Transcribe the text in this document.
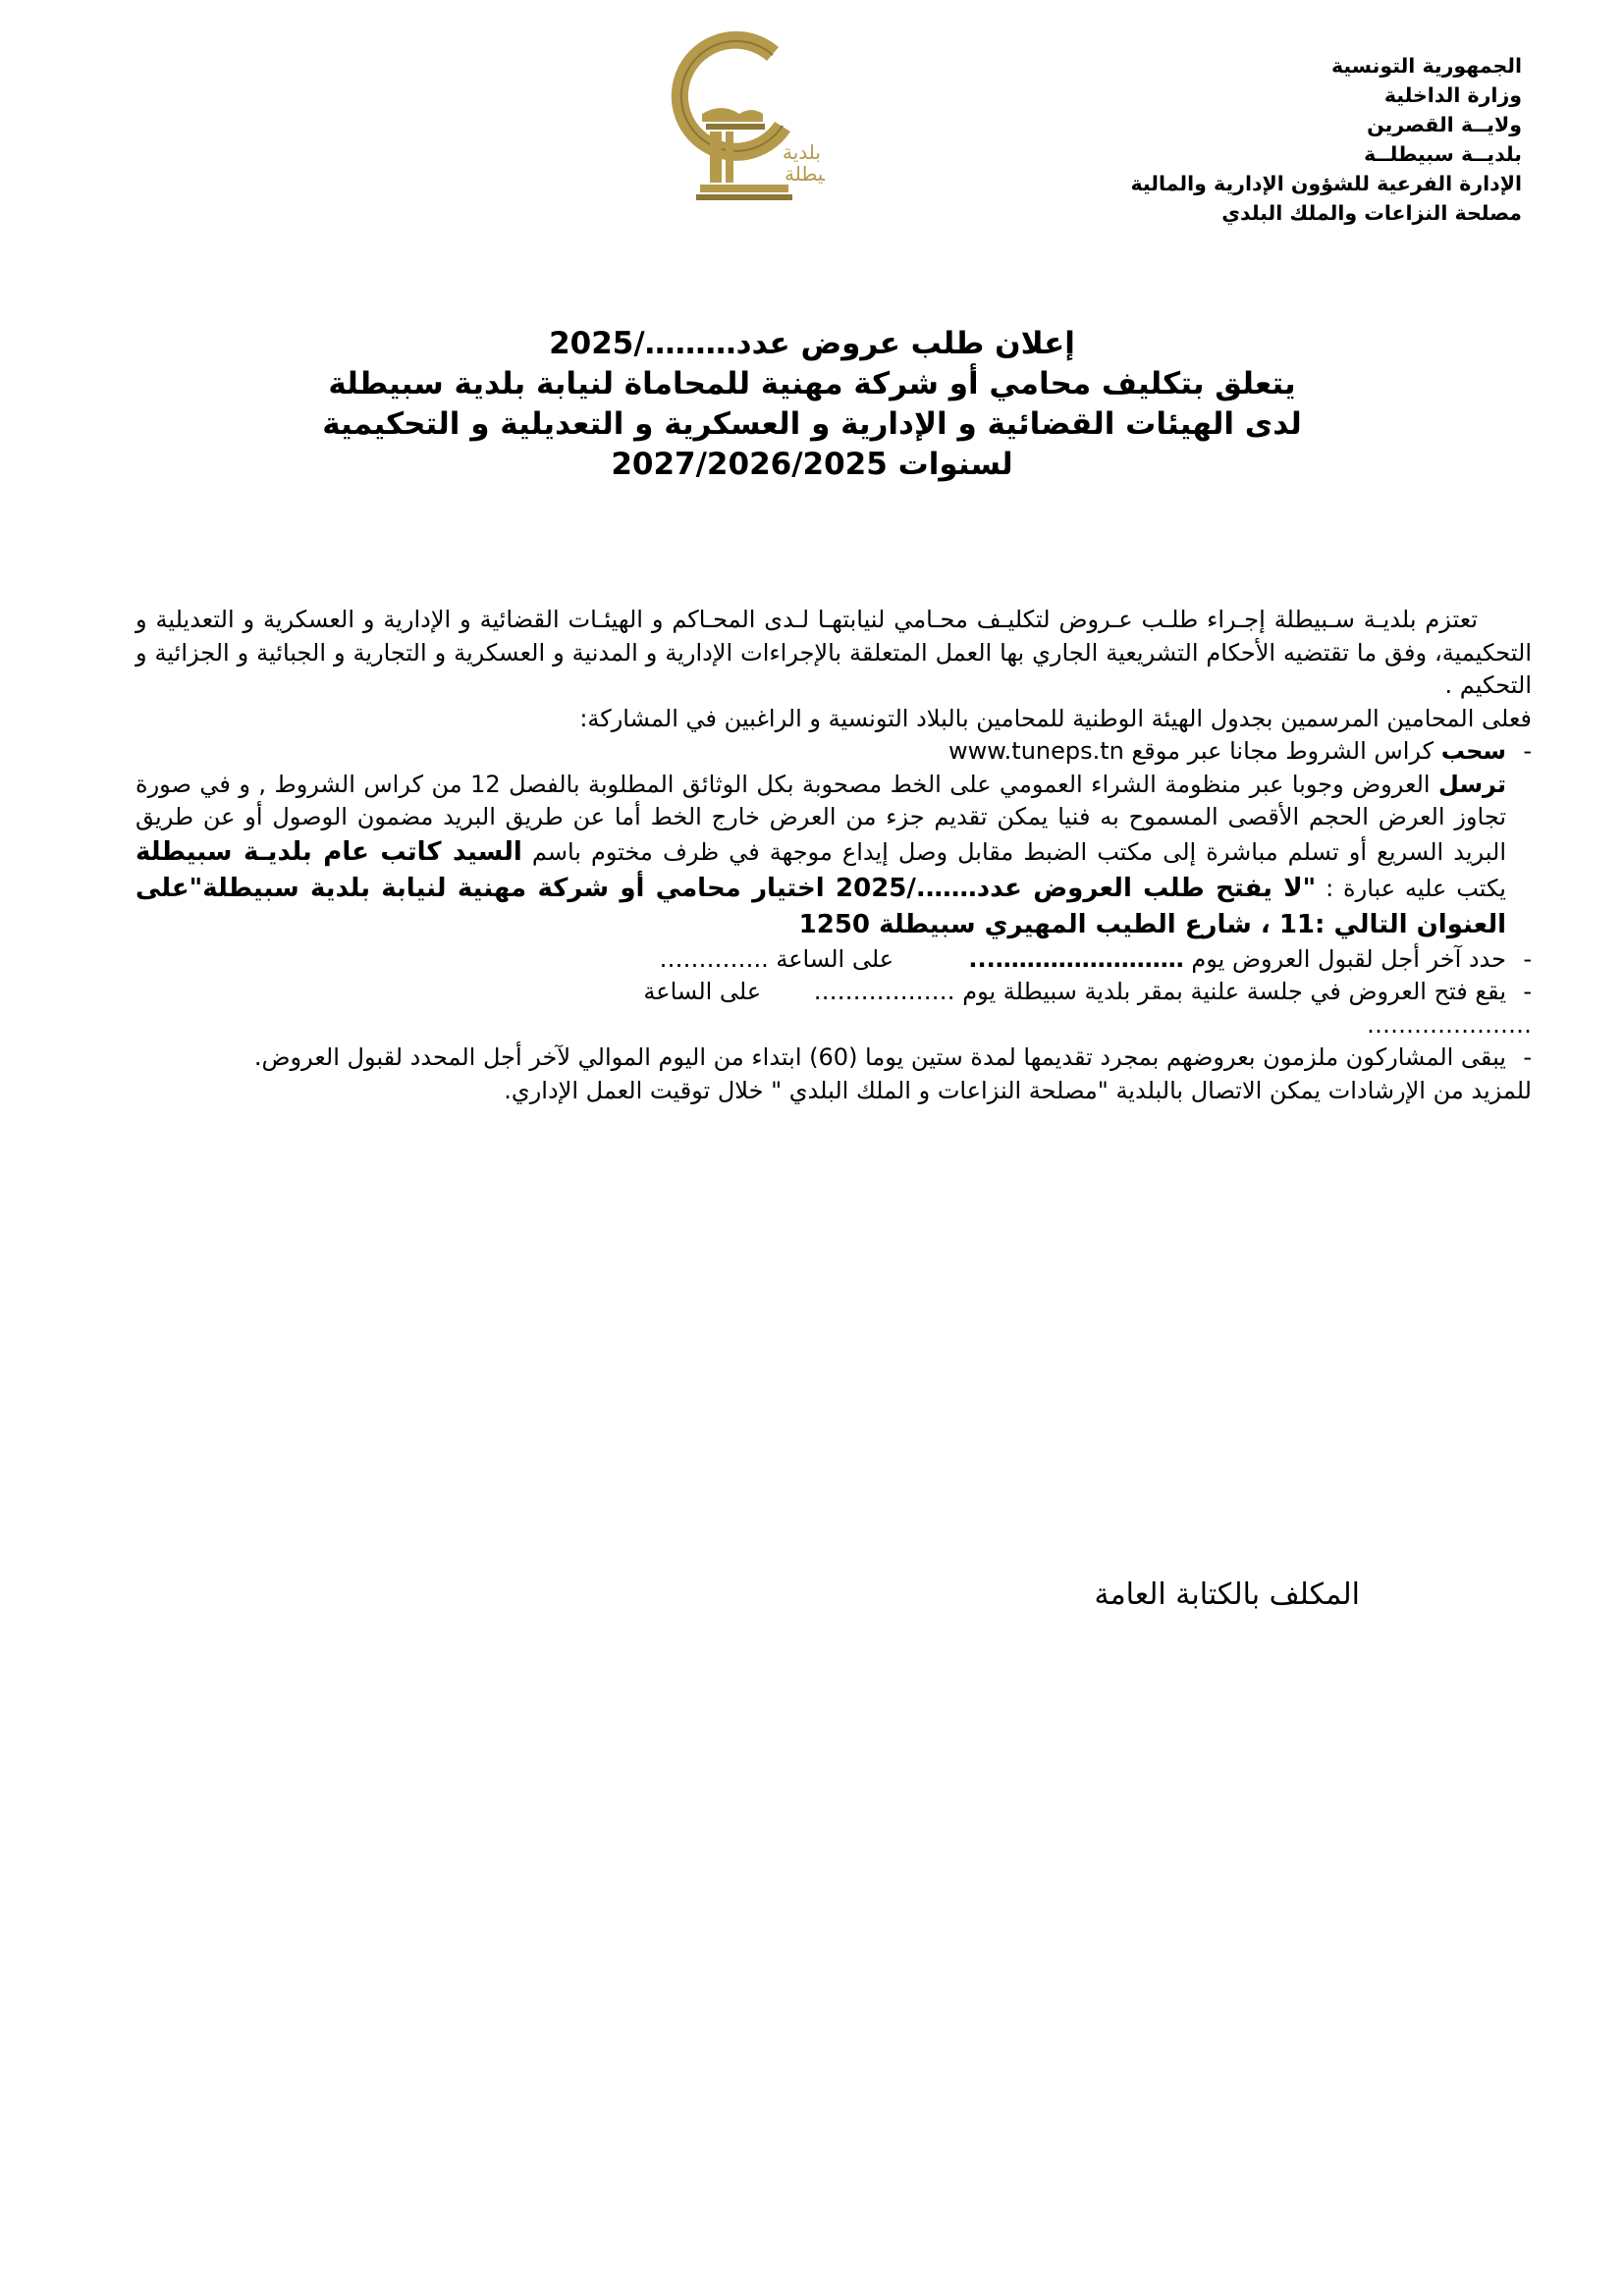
الجمهورية التونسية
وزارة الداخلية
ولايــة القصرين
بلديــة سبيطلــة
الإدارة الفرعية للشؤون الإدارية والمالية
مصلحة النزاعات والملك البلدي
بلدية
يطلة
إعلان طلب عروض عدد………/2025
يتعلق بتكليف محامي أو شركة مهنية للمحاماة لنيابة بلدية سبيطلة
لدى الهيئات القضائية و الإدارية و العسكرية و التعديلية و التحكيمية
لسنوات 2027/2026/2025

تعتزم بلديـة سـبيطلة إجـراء طلـب عـروض لتكليـف محـامي لنيابتهـا لـدى المحـاكم و الهيئـات القضائية و الإدارية و العسكرية و التعديلية و التحكيمية، وفق ما تقتضيه الأحكام التشريعية الجاري بها العمل المتعلقة بالإجراءات الإدارية و المدنية و العسكرية و التجارية و الجبائية و الجزائية و التحكيم .

فعلى المحامين المرسمين بجدول الهيئة الوطنية للمحامين بالبلاد التونسية و الراغبين في المشاركة:

-

سحب كراس الشروط مجانا عبر موقع www.tuneps.tn

ترسل العروض وجوبا عبر منظومة الشراء العمومي على الخط مصحوبة بكل الوثائق المطلوبة بالفصل 12 من كراس الشروط , و في صورة تجاوز العرض الحجم الأقصى المسموح به فنيا يمكن تقديم جزء من العرض خارج الخط أما عن طريق البريد مضمون الوصول أو عن طريق البريد السريع أو تسلم مباشرة إلى مكتب الضبط مقابل وصل إيداع موجهة في ظرف مختوم باسم السيد كاتب عام بلديـة سبيطلة يكتب عليه عبارة : "لا يفتح طلب العروض عدد……./2025 اختيار محامي أو شركة مهنية لنيابة بلدية سبيطلة"على العنوان التالي :11 ، شارع الطيب المهيري سبيطلة 1250

-

حدد آخر أجل لقبول العروض يوم ……………………...          على الساعة ..…………

-

يقع فتح العروض في جلسة علنية بمقر بلدية سبيطلة يوم ………………       على الساعة

…………………

-

يبقى المشاركون ملزمون بعروضهم بمجرد تقديمها لمدة ستين يوما (60) ابتداء من اليوم الموالي لآخر أجل المحدد لقبول العروض.

للمزيد من الإرشادات يمكن الاتصال بالبلدية "مصلحة النزاعات و الملك البلدي " خلال توقيت العمل الإداري.

المكلف بالكتابة العامة
